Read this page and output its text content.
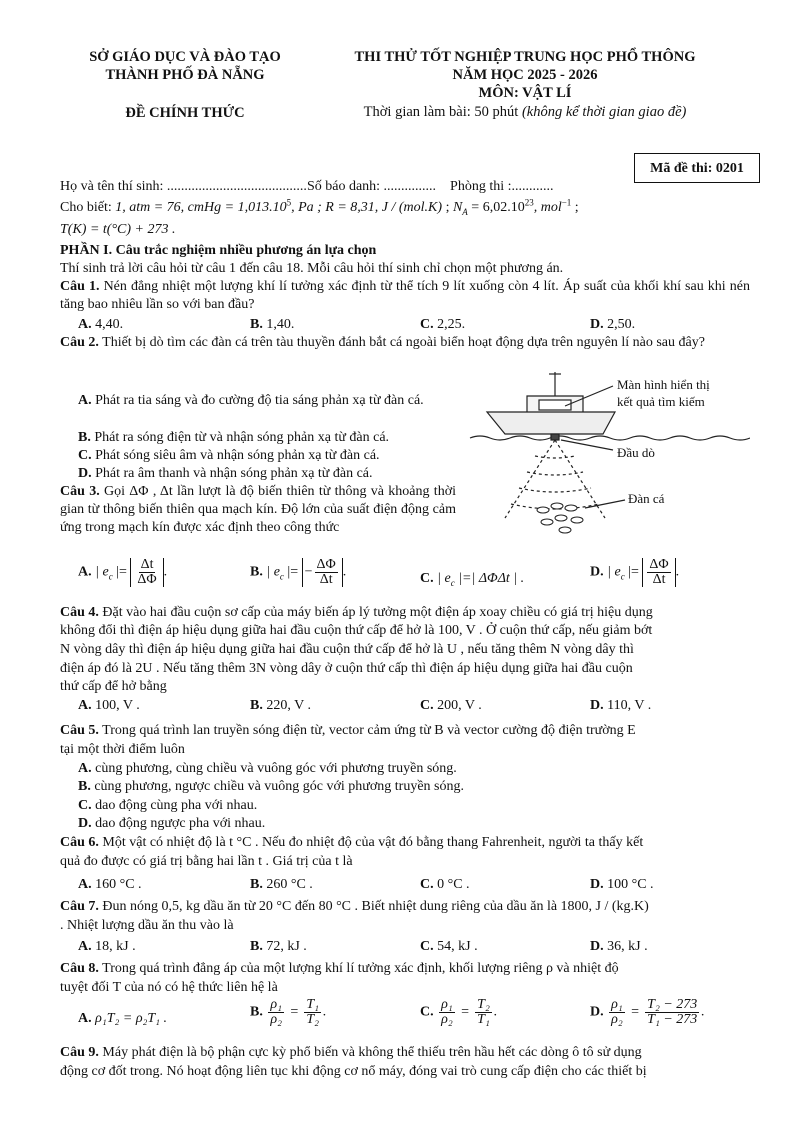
SỞ GIÁO DỤC VÀ ĐÀO TẠO
THÀNH PHỐ ĐÀ NẴNG
ĐỀ CHÍNH THỨC
THI THỬ TỐT NGHIỆP TRUNG HỌC PHỔ THÔNG
NĂM HỌC 2025 - 2026
MÔN: VẬT LÍ
Thời gian làm bài: 50 phút (không kể thời gian giao đề)
Mã đề thi: 0201
Họ và tên thí sinh: ........................................Số báo danh: ............... Phòng thi :............
Cho biết: 1, atm = 76, cmHg = $1,013.10^5$, Pa ; R = 8,31, J / (mol.K) ; $N_A = 6,02.10^{23}$, mol$^{-1}$ ;
T(K) = t(°C) + 273 .
PHẦN I. Câu trắc nghiệm nhiều phương án lựa chọn
Thí sinh trả lời câu hỏi từ câu 1 đến câu 18. Mỗi câu hỏi thí sinh chỉ chọn một phương án.
Câu 1. Nén đẳng nhiệt một lượng khí lí tưởng xác định từ thể tích 9 lít xuống còn 4 lít. Áp suất của khối khí sau khi nén tăng bao nhiêu lần so với ban đầu?
A. 4,40.	B. 1,40.	C. 2,25.	D. 2,50.
Câu 2. Thiết bị dò tìm các đàn cá trên tàu thuyền đánh bắt cá ngoài biển hoạt động dựa trên nguyên lí nào sau đây?
A. Phát ra tia sáng và đo cường độ tia sáng phản xạ từ đàn cá.
B. Phát ra sóng điện từ và nhận sóng phản xạ từ đàn cá.
C. Phát sóng siêu âm và nhận sóng phản xạ từ đàn cá.
D. Phát ra âm thanh và nhận sóng phản xạ từ đàn cá.
Màn hình hiển thị
kết quả tìm kiếm
Đầu dò
Đàn cá
Câu 3. Gọi ΔΦ , Δt lần lượt là độ biến thiên từ thông và khoảng thời gian từ thông biến thiên qua mạch kín. Độ lớn của suất điện động cảm ứng trong mạch kín được xác định theo công thức
A. | $e_c$ |= $\frac{\Delta t}{\Delta\Phi}$ .	B. | $e_c$ |= − $\frac{\Delta\Phi}{\Delta t}$ .	C. | $e_c$ |=| ΔΦΔt | .	D. | $e_c$ |= $\frac{\Delta\Phi}{\Delta t}$ .
Câu 4. Đặt vào hai đầu cuộn sơ cấp của máy biến áp lý tưởng một điện áp xoay chiều có giá trị hiệu dụng
không đổi thì điện áp hiệu dụng giữa hai đầu cuộn thứ cấp để hở là 100, V . Ở cuộn thứ cấp, nếu giảm bớt
N vòng dây thì điện áp hiệu dụng giữa hai đầu cuộn thứ cấp để hở là U , nếu tăng thêm N vòng dây thì
điện áp đó là 2U . Nếu tăng thêm 3N vòng dây ở cuộn thứ cấp thì điện áp hiệu dụng giữa hai đầu cuộn
thứ cấp để hở bằng
A. 100, V .	B. 220, V .	C. 200, V .	D. 110, V .
Câu 5. Trong quá trình lan truyền sóng điện từ, vector cảm ứng từ B và vector cường độ điện trường E
tại một thời điểm luôn
A. cùng phương, cùng chiều và vuông góc với phương truyền sóng.
B. cùng phương, ngược chiều và vuông góc với phương truyền sóng.
C. dao động cùng pha với nhau.
D. dao động ngược pha với nhau.
Câu 6. Một vật có nhiệt độ là t °C . Nếu đo nhiệt độ của vật đó bằng thang Fahrenheit, người ta thấy kết
quả đo được có giá trị bằng hai lần t . Giá trị của t là
A. 160 °C .	B. 260 °C .	C. 0 °C .	D. 100 °C .
Câu 7. Đun nóng 0,5, kg dầu ăn từ 20 °C đến 80 °C . Biết nhiệt dung riêng của dầu ăn là 1800, J / (kg.K)
. Nhiệt lượng dầu ăn thu vào là
A. 18, kJ .	B. 72, kJ .	C. 54, kJ .	D. 36, kJ .
Câu 8. Trong quá trình đẳng áp của một lượng khí lí tưởng xác định, khối lượng riêng ρ và nhiệt độ
tuyệt đối T của nó có hệ thức liên hệ là
A. ρ₁T₂ = ρ₂T₁ .	B. $\frac{\text{ρ₁}}{\text{ρ₂}} = \frac{\text{T₁}}{\text{T₂}}$ .	C. $\frac{\text{ρ₁}}{\text{ρ₂}} = \frac{\text{T₂}}{\text{T₁}}$ .	D. $\frac{\text{ρ₁}}{\text{ρ₂}} = \frac{\text{T₂ − 273}}{\text{T₁ − 273}}$ .
Câu 9. Máy phát điện là bộ phận cực kỳ phổ biến và không thể thiếu trên hầu hết các dòng ô tô sử dụng
động cơ đốt trong. Nó hoạt động liên tục khi động cơ nổ máy, đóng vai trò cung cấp điện cho các thiết bị
